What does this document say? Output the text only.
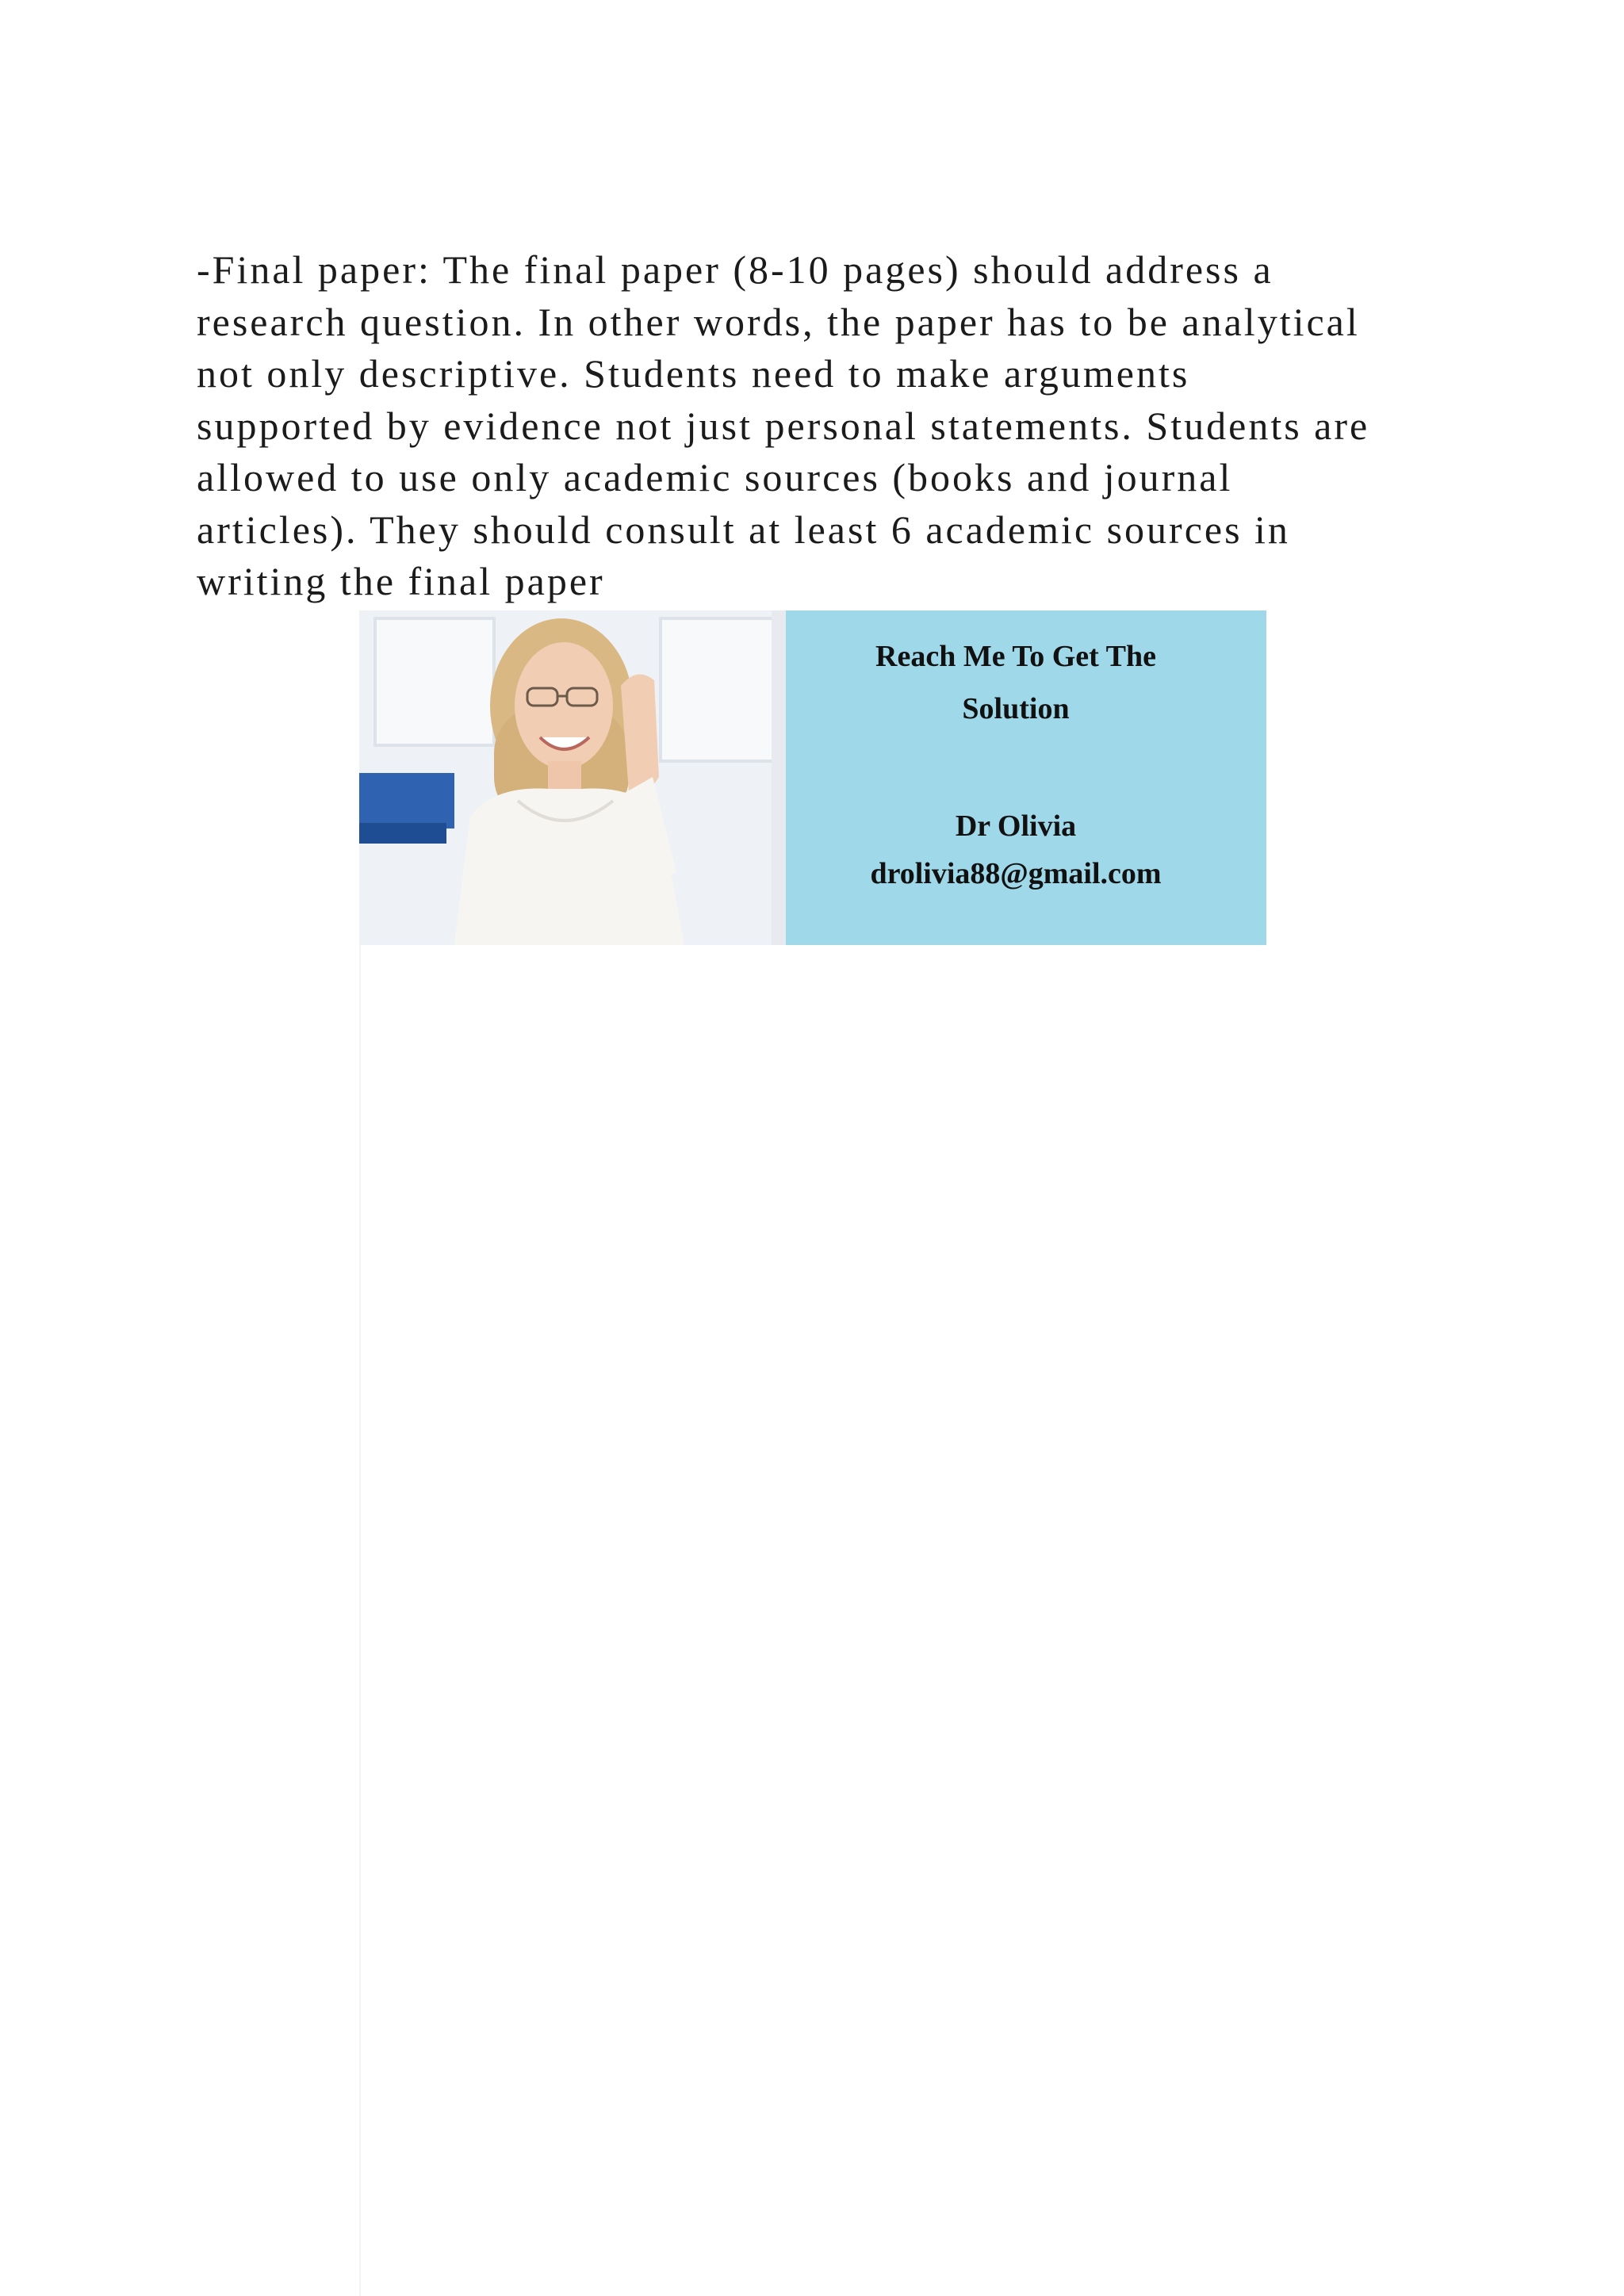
-Final paper: The final paper (8-10 pages) should address a
research question. In other words, the paper has to be analytical
not only descriptive. Students need to make arguments
supported by evidence not just personal statements. Students are
allowed to use only academic sources (books and journal
articles). They should consult at least 6 academic sources in
writing the final paper

Reach Me To Get The
Solution
Dr Olivia
drolivia88@gmail.com
